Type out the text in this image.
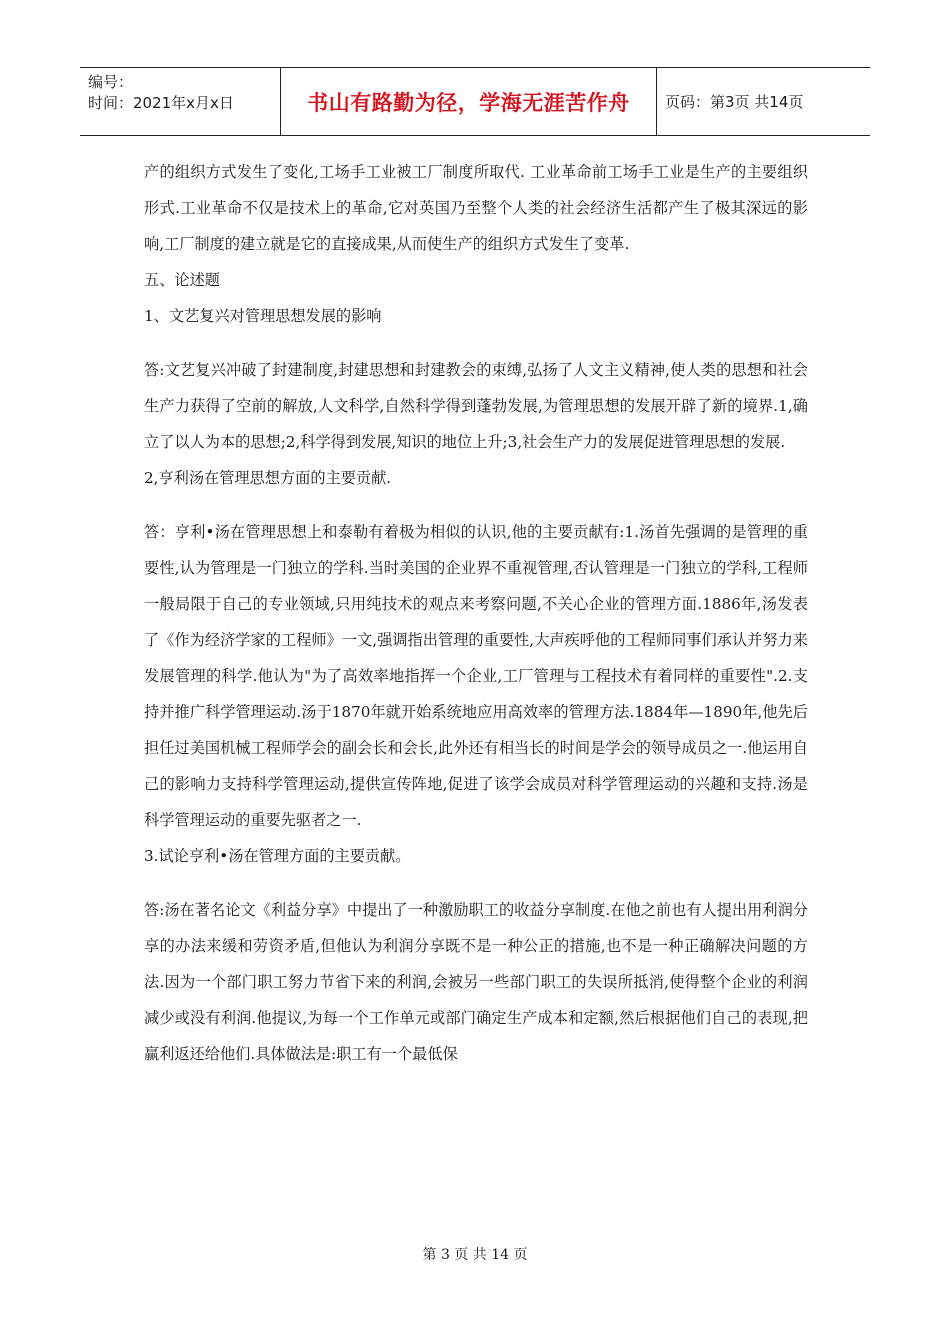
编号：
时间：2021年x月x日	书山有路勤为径，学海无涯苦作舟 页码：第3页 共14页

产的组织方式发生了变化,工场手工业被工厂制度所取代. 工业革命前工场手工业是生产的主要组织形式.工业革命不仅是技术上的革命,它对英国乃至整个人类的社会经济生活都产生了极其深远的影响,工厂制度的建立就是它的直接成果,从而使生产的组织方式发生了变革.

五、论述题

1、文艺复兴对管理思想发展的影响

答:文艺复兴冲破了封建制度,封建思想和封建教会的束缚,弘扬了人文主义精神,使人类的思想和社会生产力获得了空前的解放,人文科学,自然科学得到蓬勃发展,为管理思想的发展开辟了新的境界.1,确立了以人为本的思想;2,科学得到发展,知识的地位上升;3,社会生产力的发展促进管理思想的发展.

2,亨利汤在管理思想方面的主要贡献.

答：亨利•汤在管理思想上和泰勒有着极为相似的认识,他的主要贡献有:1.汤首先强调的是管理的重要性,认为管理是一门独立的学科.当时美国的企业界不重视管理,否认管理是一门独立的学科,工程师一般局限于自己的专业领域,只用纯技术的观点来考察问题,不关心企业的管理方面.1886年,汤发表了《作为经济学家的工程师》一文,强调指出管理的重要性,大声疾呼他的工程师同事们承认并努力来发展管理的科学.他认为"为了高效率地指挥一个企业,工厂管理与工程技术有着同样的重要性".2.支持并推广科学管理运动.汤于1870年就开始系统地应用高效率的管理方法.1884年—1890年,他先后担任过美国机械工程师学会的副会长和会长,此外还有相当长的时间是学会的领导成员之一.他运用自己的影响力支持科学管理运动,提供宣传阵地,促进了该学会成员对科学管理运动的兴趣和支持.汤是科学管理运动的重要先驱者之一.

3.试论亨利•汤在管理方面的主要贡献。

答:汤在著名论文《利益分享》中提出了一种激励职工的收益分享制度.在他之前也有人提出用利润分享的办法来缓和劳资矛盾,但他认为利润分享既不是一种公正的措施,也不是一种正确解决问题的方法.因为一个部门职工努力节省下来的利润,会被另一些部门职工的失误所抵消,使得整个企业的利润减少或没有利润.他提议,为每一个工作单元或部门确定生产成本和定额,然后根据他们自己的表现,把赢利返还给他们.具体做法是:职工有一个最低保

第 3 页 共 14 页
